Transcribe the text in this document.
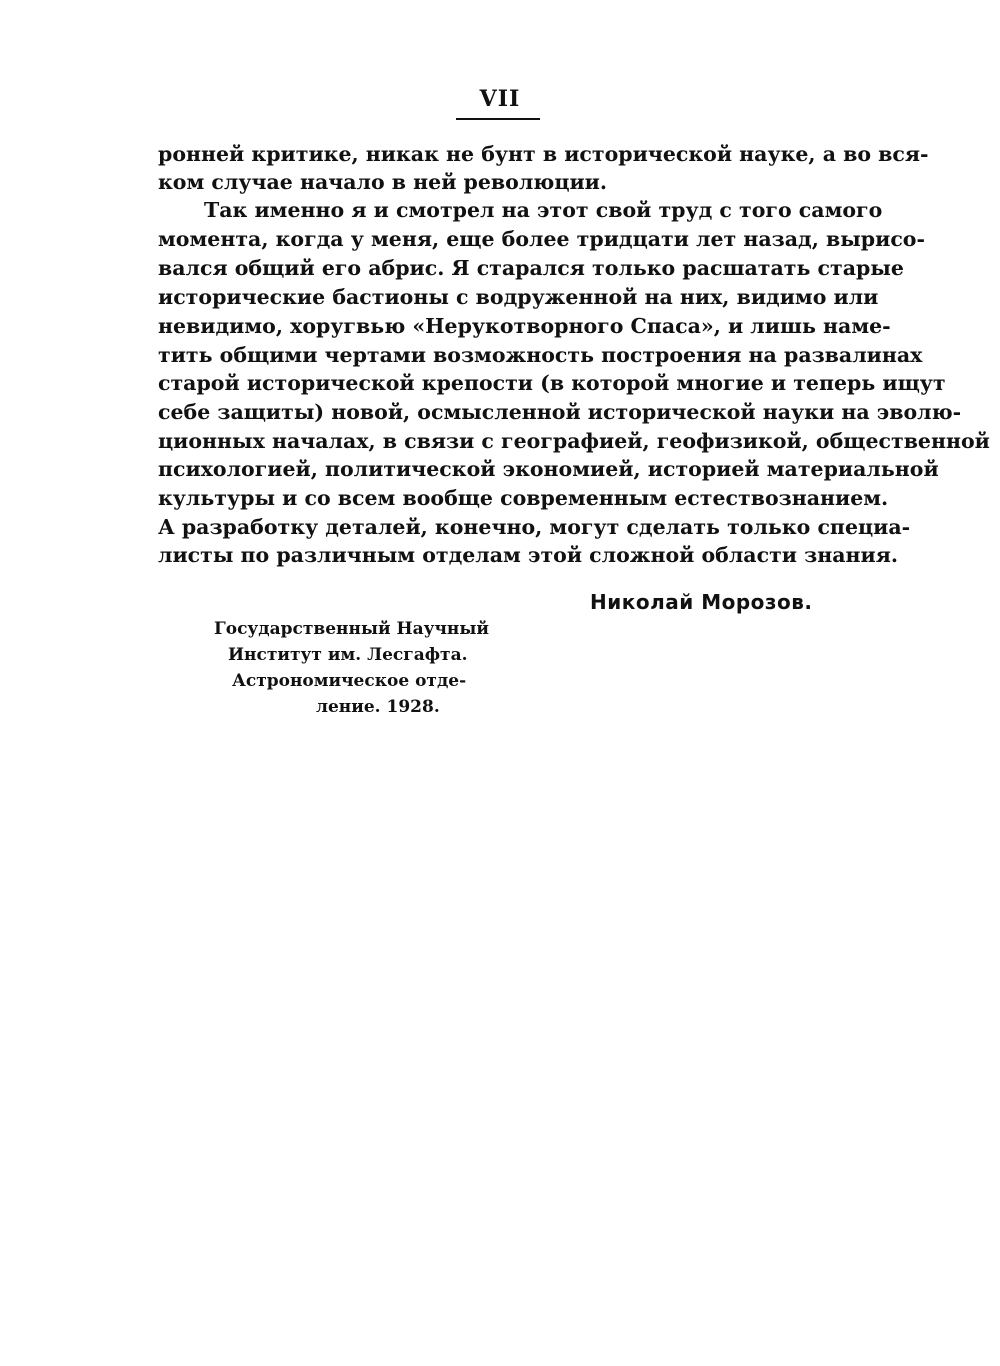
VII
ронней критике, никак не бунт в исторической науке, а во вся-
ком случае начало в ней революции.
Так именно я и смотрел на этот свой труд с того самого
момента, когда у меня, еще более тридцати лет назад, вырисо-
вался общий его абрис. Я старался только расшатать старые
исторические бастионы с водруженной на них, видимо или
невидимо, хоругвью «Нерукотворного Спаса», и лишь наме-
тить общими чертами возможность построения на развалинах
старой исторической крепости (в которой многие и теперь ищут
себе защиты) новой, осмысленной исторической науки на эволю-
ционных началах, в связи с географией, геофизикой, общественной
психологией, политической экономией, историей материальной
культуры и со всем вообще современным естествознанием.
А разработку деталей, конечно, могут сделать только специа-
листы по различным отделам этой сложной области знания.
Николай Морозов.
Государственный Научный
Институт им. Лесгафта.
Астрономическое отде-
ление. 1928.
